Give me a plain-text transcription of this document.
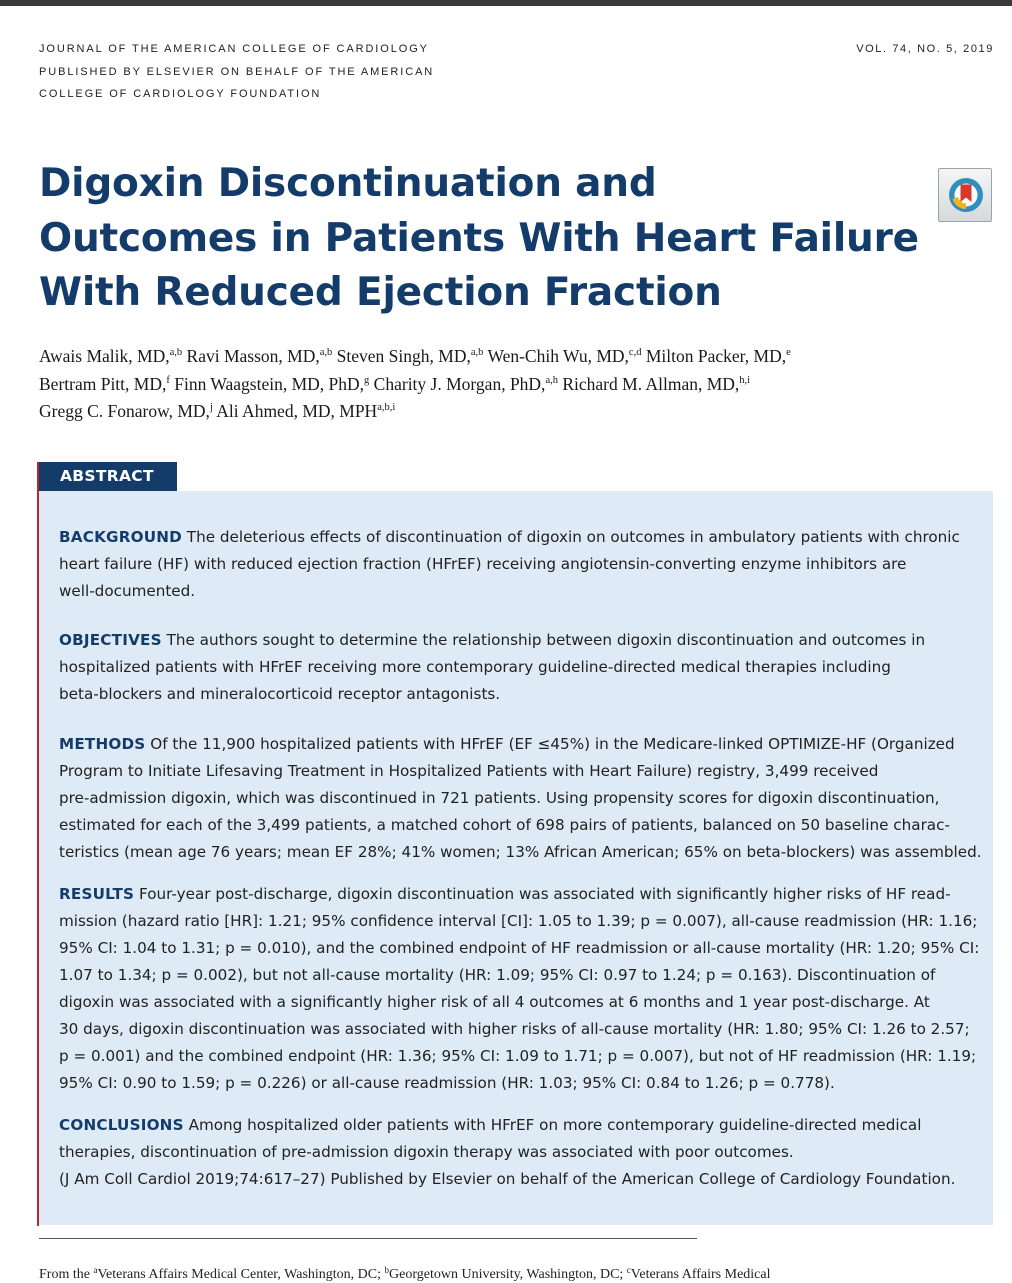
JOURNAL OF THE AMERICAN COLLEGE OF CARDIOLOGY
PUBLISHED BY ELSEVIER ON BEHALF OF THE AMERICAN
COLLEGE OF CARDIOLOGY FOUNDATION
VOL. 74, NO. 5, 2019
Digoxin Discontinuation and
Outcomes in Patients With Heart Failure
With Reduced Ejection Fraction
Awais Malik, MD,$^{a,b}$ Ravi Masson, MD,$^{a,b}$ Steven Singh, MD,$^{a,b}$ Wen-Chih Wu, MD,$^{c,d}$ Milton Packer, MD,$^e$
Bertram Pitt, MD,$^f$ Finn Waagstein, MD, PhD,$^g$ Charity J. Morgan, PhD,$^{a,h}$ Richard M. Allman, MD,$^{h,i}$
Gregg C. Fonarow, MD,$^j$ Ali Ahmed, MD, MPH$^{a,b,i}$
ABSTRACT
BACKGROUND The deleterious effects of discontinuation of digoxin on outcomes in ambulatory patients with chronic
heart failure (HF) with reduced ejection fraction (HFrEF) receiving angiotensin-converting enzyme inhibitors are
well-documented.
OBJECTIVES The authors sought to determine the relationship between digoxin discontinuation and outcomes in
hospitalized patients with HFrEF receiving more contemporary guideline-directed medical therapies including
beta-blockers and mineralocorticoid receptor antagonists.
METHODS Of the 11,900 hospitalized patients with HFrEF (EF ≤45%) in the Medicare-linked OPTIMIZE-HF (Organized
Program to Initiate Lifesaving Treatment in Hospitalized Patients with Heart Failure) registry, 3,499 received
pre-admission digoxin, which was discontinued in 721 patients. Using propensity scores for digoxin discontinuation,
estimated for each of the 3,499 patients, a matched cohort of 698 pairs of patients, balanced on 50 baseline charac-
teristics (mean age 76 years; mean EF 28%; 41% women; 13% African American; 65% on beta-blockers) was assembled.
RESULTS Four-year post-discharge, digoxin discontinuation was associated with significantly higher risks of HF read-
mission (hazard ratio [HR]: 1.21; 95% confidence interval [CI]: 1.05 to 1.39; p = 0.007), all-cause readmission (HR: 1.16;
95% CI: 1.04 to 1.31; p = 0.010), and the combined endpoint of HF readmission or all-cause mortality (HR: 1.20; 95% CI:
1.07 to 1.34; p = 0.002), but not all-cause mortality (HR: 1.09; 95% CI: 0.97 to 1.24; p = 0.163). Discontinuation of
digoxin was associated with a significantly higher risk of all 4 outcomes at 6 months and 1 year post-discharge. At
30 days, digoxin discontinuation was associated with higher risks of all-cause mortality (HR: 1.80; 95% CI: 1.26 to 2.57;
p = 0.001) and the combined endpoint (HR: 1.36; 95% CI: 1.09 to 1.71; p = 0.007), but not of HF readmission (HR: 1.19;
95% CI: 0.90 to 1.59; p = 0.226) or all-cause readmission (HR: 1.03; 95% CI: 0.84 to 1.26; p = 0.778).
CONCLUSIONS Among hospitalized older patients with HFrEF on more contemporary guideline-directed medical
therapies, discontinuation of pre-admission digoxin therapy was associated with poor outcomes.
(J Am Coll Cardiol 2019;74:617–27) Published by Elsevier on behalf of the American College of Cardiology Foundation.
From the $^a$Veterans Affairs Medical Center, Washington, DC; $^b$Georgetown University, Washington, DC; $^c$Veterans Affairs Medical
